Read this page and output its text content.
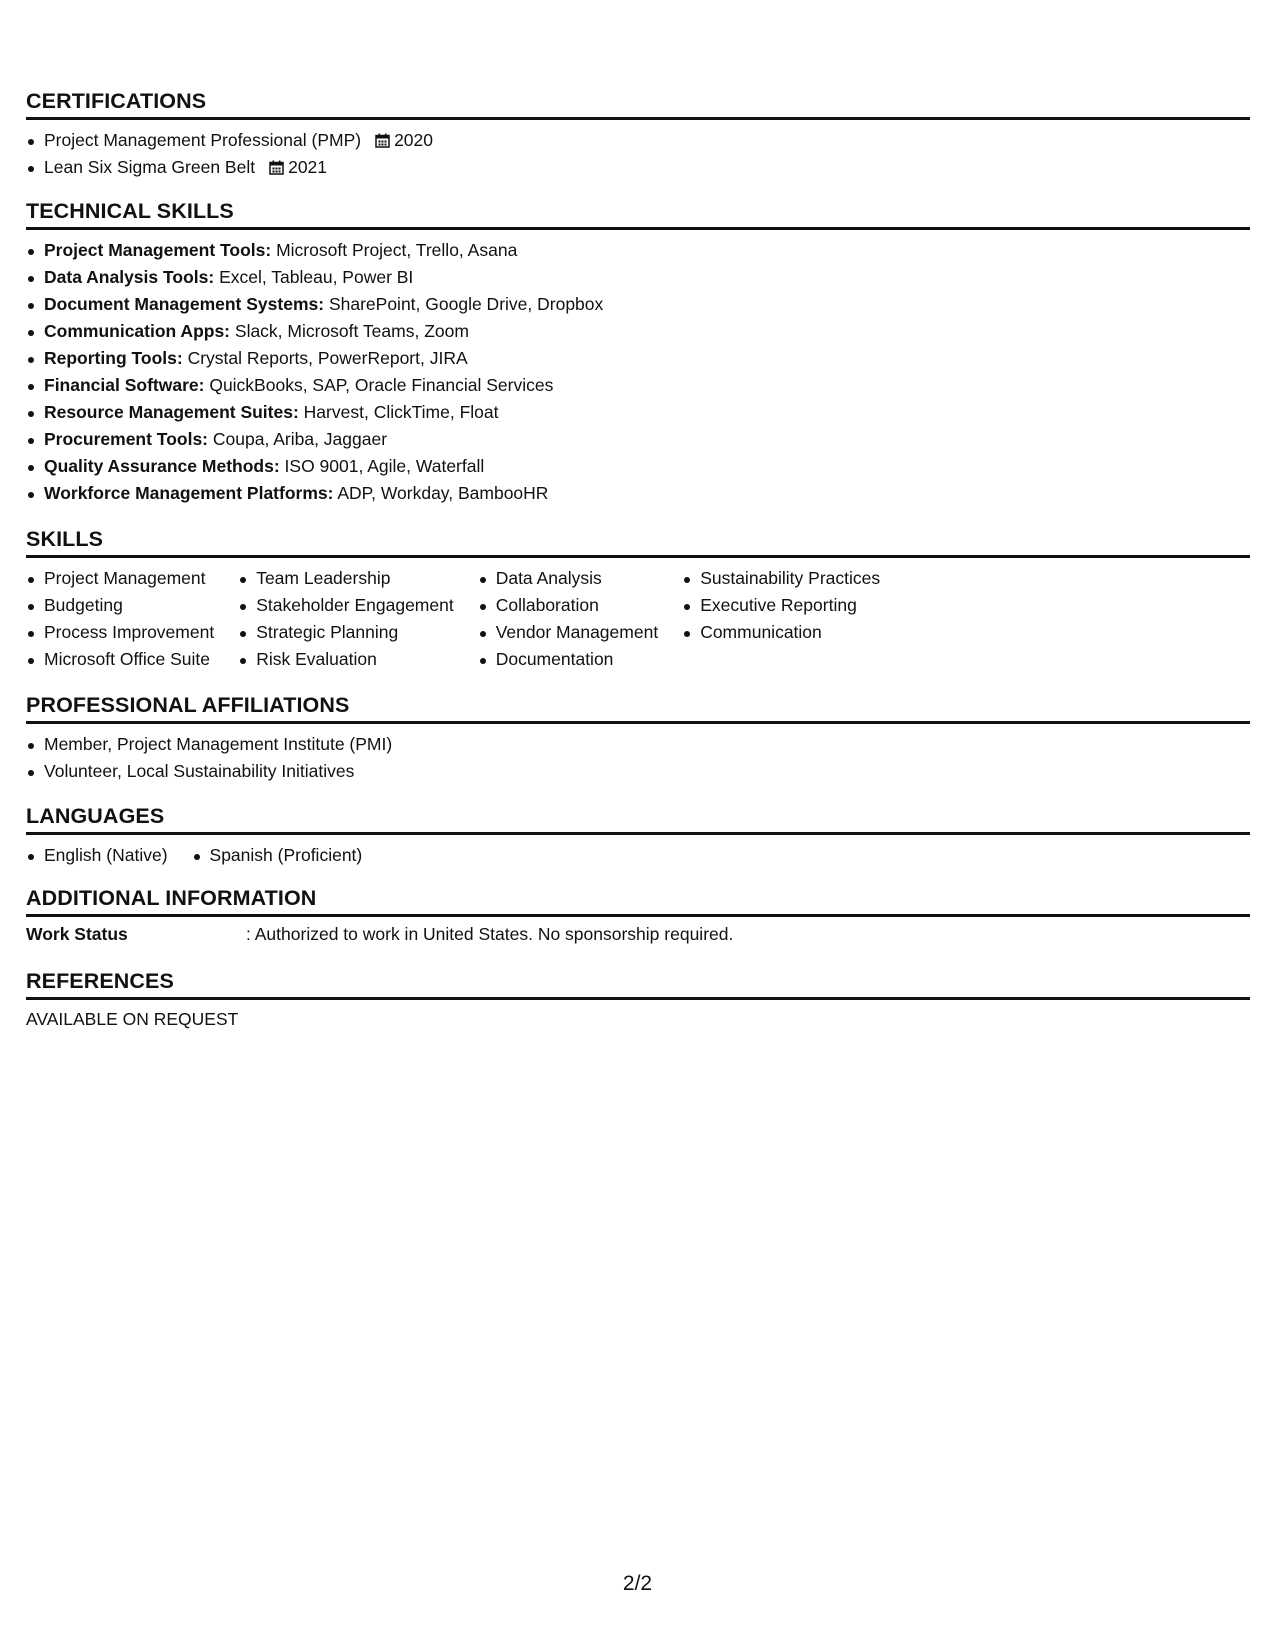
CERTIFICATIONS
Project Management Professional (PMP) 2020
Lean Six Sigma Green Belt 2021
TECHNICAL SKILLS
Project Management Tools: Microsoft Project, Trello, Asana
Data Analysis Tools: Excel, Tableau, Power BI
Document Management Systems: SharePoint, Google Drive, Dropbox
Communication Apps: Slack, Microsoft Teams, Zoom
Reporting Tools: Crystal Reports, PowerReport, JIRA
Financial Software: QuickBooks, SAP, Oracle Financial Services
Resource Management Suites: Harvest, ClickTime, Float
Procurement Tools: Coupa, Ariba, Jaggaer
Quality Assurance Methods: ISO 9001, Agile, Waterfall
Workforce Management Platforms: ADP, Workday, BambooHR
SKILLS
Project Management
Budgeting
Process Improvement
Microsoft Office Suite
Team Leadership
Stakeholder Engagement
Strategic Planning
Risk Evaluation
Data Analysis
Collaboration
Vendor Management
Documentation
Sustainability Practices
Executive Reporting
Communication
PROFESSIONAL AFFILIATIONS
Member, Project Management Institute (PMI)
Volunteer, Local Sustainability Initiatives
LANGUAGES
English (Native)	Spanish (Proficient)
ADDITIONAL INFORMATION
Work Status	: Authorized to work in United States. No sponsorship required.
REFERENCES
AVAILABLE ON REQUEST
2/2
